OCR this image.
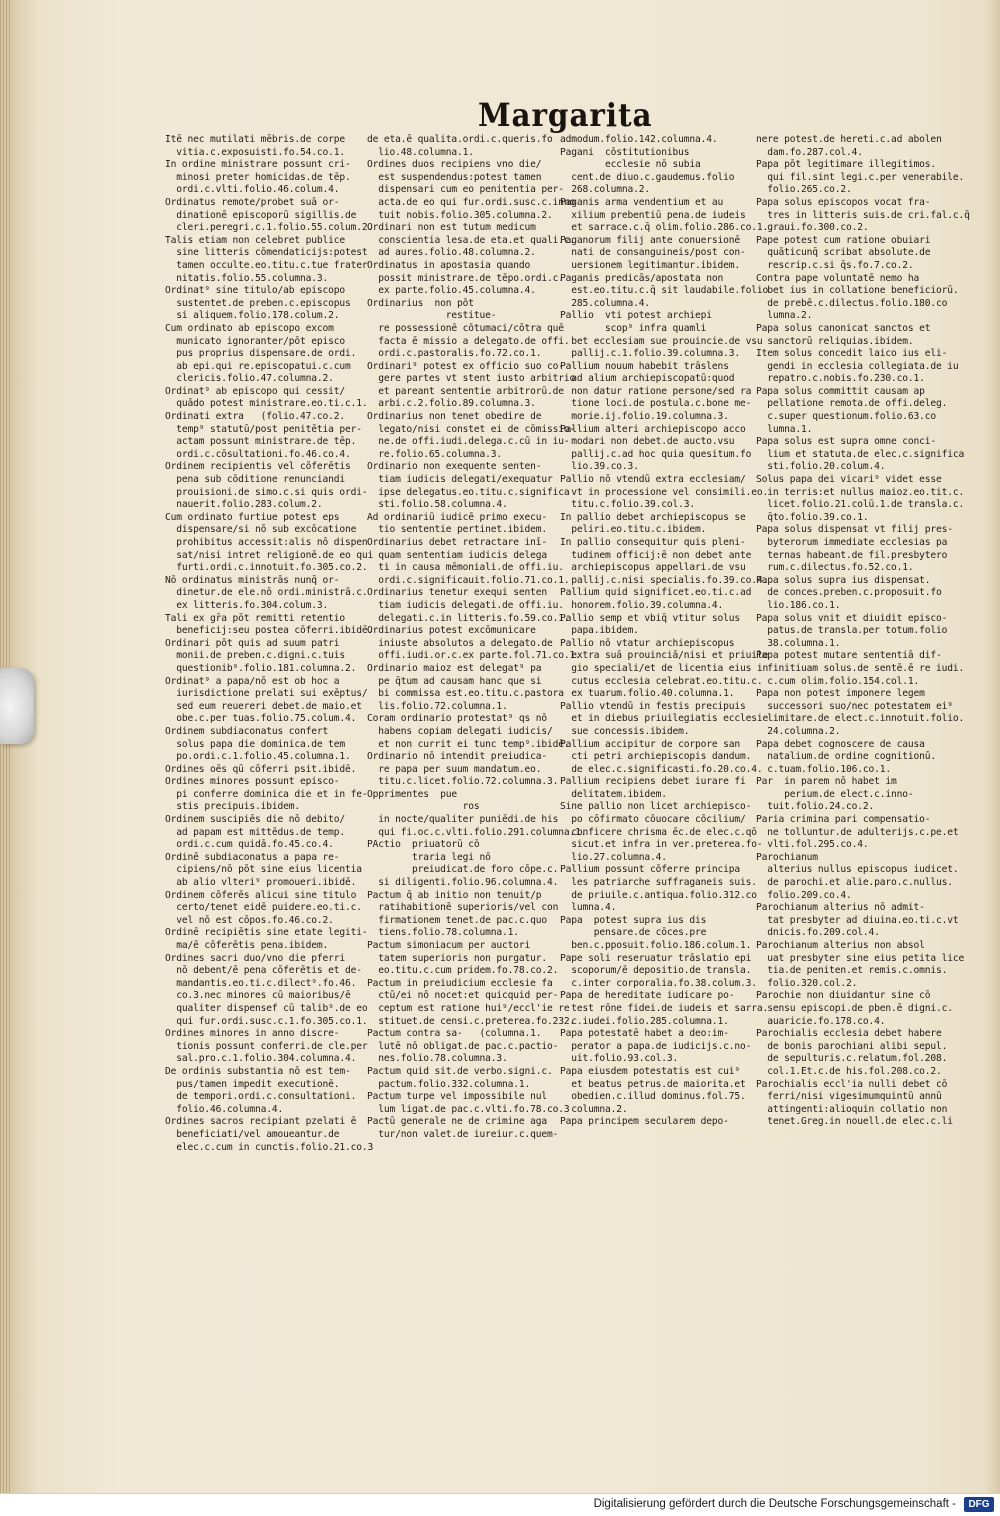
Margarita
Itē nec mutilati mēbris.de corpe
vitia.c.exposuisti.fo.54.co.1.
In ordine ministrare possunt cri-
minosi preter homicidas.de tēp.
ordi.c.vlti.folio.46.colum.4.
Ordinatus remote/probet suā or-
dinationē episcoporū sigillis.de
cleri.peregri.c.1.folio.55.colum.2.
Talis etiam non celebret publice
sine litteris cōmendaticijs:potest
tamen occulte.eo.titu.c.tue frater
nitatis.folio.55.columna.3.
Ordinat⁹ sine titulo/ab episcopo
sustentet.de preben.c.episcopus
si aliquem.folio.178.colum.2.
Cum ordinato ab episcopo excom
municato ignoranter/pōt episco
pus proprius dispensare.de ordi.
ab epi.qui re.episcopatui.c.cum
clericis.folio.47.columna.2.
Ordinat⁹ ab episcopo qui cessit/
quādo potest ministrare.eo.ti.c.1.
Ordinati extra   (folio.47.co.2.
temp⁹ statutū/post penitētia per-
actam possunt ministrare.de tēp.
ordi.c.cōsultationi.fo.46.co.4.
Ordinem recipientis vel cōferētis
pena sub cōditione renunciandi
prouisioni.de simo.c.si quis ordi-
nauerit.folio.283.colum.2.
Cum ordinato furtiue potest eps
dispensare/si nō sub excōcatione
prohibitus accessit:alis nō dispen
sat/nisi intret religionē.de eo qui
furti.ordi.c.innotuit.fo.305.co.2.
Nō ordinatus ministrās nunq̄ or-
dinetur.de ele.nō ordi.ministrā.c.
ex litteris.fo.304.colum.3.
Tali ex gr̄a pōt remitti retentio
beneficij:seu postea cōferri.ibidē.
Ordinari pōt quis ad suum patri
monii.de preben.c.digni.c.tuis
questionib⁹.folio.181.columna.2.
Ordinat⁹ a papa/nō est ob hoc a
iurisdictione prelati sui exēptus/
sed eum reuereri debet.de maio.et
obe.c.per tuas.folio.75.colum.4.
Ordinem subdiaconatus confert
solus papa die dominica.de tem
po.ordi.c.1.folio.45.columna.1.
Ordines oēs qū cōferri psit.ibidē.
Ordines minores possunt episco-
pi conferre dominica die et in fe-
stis precipuis.ibidem.
Ordinem suscipiēs die nō debito/
ad papam est mittēdus.de temp.
ordi.c.cum quidā.fo.45.co.4.
Ordinē subdiaconatus a papa re-
cipiens/nō pōt sine eius licentia
ab alio vlteri⁹ promoueri.ibidē.
Ordinem cōferēs alicui sine titulo
certo/tenet eidē puidere.eo.ti.c.
vel nō est cōpos.fo.46.co.2.
Ordinē recipiētis sine etate legiti-
ma/ē cōferētis pena.ibidem.
Ordines sacri duo/vno die pferri
nō debent/ē pena cōferētis et de-
mandantis.eo.ti.c.dilect⁹.fo.46.
co.3.nec minores cū maioribus/ē
qualiter dispensef cū talib⁹.de eo
qui fur.ordi.susc.c.1.fo.305.co.1.
Ordines minores in anno discre-
tionis possunt conferri.de cle.per
sal.pro.c.1.folio.304.columna.4.
De ordinis substantia nō est tem-
pus/tamen impedit executionē.
de tempori.ordi.c.consultationi.
folio.46.columna.4.
Ordines sacros recipiant pzelati ē
beneficiati/vel amoueantur.de
elec.c.cum in cunctis.folio.21.co.3
de eta.ē qualita.ordi.c.queris.fo
lio.48.columna.1.
Ordines duos recipiens vno die/
est suspendendus:potest tamen
dispensari cum eo penitentia per-
acta.de eo qui fur.ordi.susc.c.inno
tuit nobis.folio.305.columna.2.
Ordinari non est tutum medicum
conscientia lesa.de eta.et quali.c.
ad aures.folio.48.columna.2.
Ordinatus in apostasia quando
possit ministrare.de tēpo.ordi.c.
ex parte.folio.45.columna.4.
Ordinarius  non pōt
restitue-
re possessionē cōtumaci/cōtra quē
facta ē missio a delegato.de offi.
ordi.c.pastoralis.fo.72.co.1.
Ordinari⁹ potest ex officio suo co-
gere partes vt stent iusto arbitrio
et pareant sententie arbitrorū.de
arbi.c.2.folio.89.columna.3.
Ordinarius non tenet obedire de
legato/nisi constet ei de cōmissio-
ne.de offi.iudi.delega.c.cū in iu-
re.folio.65.columna.3.
Ordinario non exequente senten-
tiam iudicis delegati/exequatur
ipse delegatus.eo.titu.c.significa
sti.folio.58.columna.4.
Ad ordinariū iudicē primo execu-
tio sententie pertinet.ibidem.
Ordinarius debet retractare inī-
quam sententiam iudicis delega
ti in causa mēmoniali.de offi.iu.
ordi.c.significauit.folio.71.co.1.
Ordinarius tenetur exequi senten
tiam iudicis delegati.de offi.iu.
delegati.c.in litteris.fo.59.co.1.
Ordinarius potest excōmunicare
iniuste absolutos a delegato.de
offi.iudi.or.c.ex parte.fol.71.co.1.
Ordinario maioz est delegat⁹ pa
pe q̄tum ad causam hanc que si
bi commissa est.eo.titu.c.pastora
lis.folio.72.columna.1.
Coram ordinario protestat⁹ qs nō
habens copiam delegati iudicis/
et non currit ei tunc temp⁹.ibidē.
Ordinario nō intendit preiudica-
re papa per suum mandatum.eo.
titu.c.licet.folio.72.columna.3.
Opprimentes  pue
ros
in nocte/qualiter puniēdi.de his
qui fi.oc.c.vlti.folio.291.columna.1.
PActio  priuatorū cō
traria legi nō
preiudicat.de foro cōpe.c.
si diligenti.folio.96.columna.4.
Pactum q̄ ab initio non tenuit/p
ratihabitionē superioris/vel con
firmationem tenet.de pac.c.quo
tiens.folio.78.columna.1.
Pactum simoniacum per auctori
tatem superioris non purgatur.
eo.titu.c.cum pridem.fo.78.co.2.
Pactum in preiudicium ecclesie fa
ctū/ei nō nocet:et quicquid per-
ceptum est ratione hui⁹/eccl'ie re
stituet.de censi.c.preterea.fo.232.
Pactum contra sa-   (columna.1.
lutē nō obligat.de pac.c.pactio-
nes.folio.78.columna.3.
Pactum quid sit.de verbo.signi.c.
pactum.folio.332.columna.1.
Pactum turpe vel impossibile nul
lum ligat.de pac.c.vlti.fo.78.co.3
Pactū generale ne de crimine aga
tur/non valet.de iureiur.c.quem-
admodum.folio.142.columna.4.
Pagani  cōstitutionibus
ecclesie nō subia
cent.de diuo.c.gaudemus.folio
268.columna.2.
Paganis arma vendentium et au
xilium prebentiū pena.de iudeis
et sarrace.c.q̄ olim.folio.286.co.1.
Paganorum filij ante conuersionē
nati de consanguineis/post con-
uersionem legitimantur.ibidem.
Paganis predicās/apostata non
est.eo.titu.c.q̄ sit laudabile.folio
285.columna.4.
Pallio  vti potest archiepi
scop⁹ infra quamli
bet ecclesiam sue prouincie.de vsu
pallij.c.1.folio.39.columna.3.
Pallium nouum habebit trāslens
ad alium archiepiscopatū:quod
non datur ratione persone/sed ra
tione loci.de postula.c.bone me-
morie.ij.folio.19.columna.3.
Pallium alteri archiepiscopo acco
modari non debet.de aucto.vsu
pallij.c.ad hoc quia quesitum.fo
lio.39.co.3.
Pallio nō vtendū extra ecclesiam/
vt in processione vel consimili.eo.
titu.c.folio.39.col.3.
In pallio debet archiepiscopus se
peliri.eo.titu.c.ibidem.
In pallio consequitur quis pleni-
tudinem officij:ē non debet ante
archiepiscopus appellari.de vsu
pallij.c.nisi specialis.fo.39.co.4.
Pallium quid significet.eo.ti.c.ad
honorem.folio.39.columna.4.
Pallio semp et vbiq̄ vtitur solus
papa.ibidem.
Pallio nō vtatur archiepiscopus
extra suā prouinciā/nisi et priuile
gio speciali/et de licentia eius in
cutus ecclesia celebrat.eo.titu.c.
ex tuarum.folio.40.columna.1.
Pallio vtendū in festis precipuis
et in diebus priuilegiatis ecclesie
sue concessis.ibidem.
Pallium accipitur de corpore san
cti petri archiepiscopis dandum.
de elec.c.significasti.fo.20.co.4.
Pallium recipiens debet iurare fi
delitatem.ibidem.
Sine pallio non licet archiepisco-
po cōfirmato cōuocare cōcilium/
conficere chrisma ēc.de elec.c.qō
sicut.et infra in ver.preterea.fo-
lio.27.columna.4.
Pallium possunt cōferre principa
les patriarche suffraganeis suis.
de priuile.c.antiqua.folio.312.co
lumna.4.
Papa  potest supra ius dis
pensare.de cōces.pre
ben.c.pposuit.folio.186.colum.1.
Pape soli reseruatur trāslatio epi
scoporum/ē depositio.de transla.
c.inter corporalia.fo.38.colum.3.
Papa de hereditate iudicare po-
test rōne fidei.de iudeis et sarra.
c.iudei.folio.285.columna.1.
Papa potestatē habet a deo:im-
perator a papa.de iudicijs.c.no-
uit.folio.93.col.3.
Papa eiusdem potestatis est cui⁹
et beatus petrus.de maiorita.et
obedien.c.illud dominus.fol.75.
columna.2.
Papa principem secularem depo-
nere potest.de hereti.c.ad abolen
dam.fo.287.col.4.
Papa pōt legitimare illegitimos.
qui fil.sint legi.c.per venerabile.
folio.265.co.2.
Papa solus episcopos vocat fra-
tres in litteris suis.de cri.fal.c.q̄
graui.fo.300.co.2.
Pape potest cum ratione obuiari
quāticunq̄ scribat absolute.de
rescrip.c.si q̄s.fo.7.co.2.
Contra pape voluntatē nemo ha
bet ius in collatione beneficiorū.
de prebē.c.dilectus.folio.180.co
lumna.2.
Papa solus canonicat sanctos et
sanctorū reliquias.ibidem.
Item solus concedit laico ius eli-
gendi in ecclesia collegiata.de iu
repatro.c.nobis.fo.230.co.1.
Papa solus committit causam ap
pellatione remota.de offi.deleg.
c.super questionum.folio.63.co
lumna.1.
Papa solus est supra omne conci-
lium et statuta.de elec.c.significa
sti.folio.20.colum.4.
Solus papa dei vicari⁹ videt esse
in terris:et nullus maioz.eo.tit.c.
licet.folio.21.colū.1.de transla.c.
q̄to.folio.39.co.1.
Papa solus dispensat vt filij pres-
byterorum immediate ecclesias pa
ternas habeant.de fil.presbytero
rum.c.dilectus.fo.52.co.1.
Papa solus supra ius dispensat.
de conces.preben.c.proposuit.fo
lio.186.co.1.
Papa solus vnit et diuidit episco-
patus.de transla.per totum.folio
38.columna.1.
Papa potest mutare sententiā dif-
finitiuam solus.de sentē.ē re iudi.
c.cum olim.folio.154.col.1.
Papa non potest imponere legem
successori suo/nec potestatem ei⁹
limitare.de elect.c.innotuit.folio.
24.columna.2.
Papa debet cognoscere de causa
natalium.de ordine cognitionū.
c.tuam.folio.106.co.1.
Par  in parem nō habet im
perium.de elect.c.inno-
tuit.folio.24.co.2.
Paria crimina pari compensatio-
ne tolluntur.de adulterijs.c.pe.et
vlti.fol.295.co.4.
Parochianum
alterius nullus episcopus iudicet.
de parochi.et alie.paro.c.nullus.
folio.209.co.4.
Parochianum alterius nō admit-
tat presbyter ad diuina.eo.ti.c.vt
dnicis.fo.209.col.4.
Parochianum alterius non absol
uat presbyter sine eius petita lice
tia.de peniten.et remis.c.omnis.
folio.320.col.2.
Parochie non diuidantur sine cō
sensu episcopi.de pben.ē digni.c.
auaricie.fo.178.co.4.
Parochialis ecclesia debet habere
de bonis parochiani alibi sepul.
de sepulturis.c.relatum.fol.208.
col.1.Et.c.de his.fol.208.co.2.
Parochialis eccl'ia nulli debet cō
ferri/nisi vigesimumquintū annū
attingenti:alioquin collatio non
tenet.Greg.in nouell.de elec.c.li
Digitalisierung gefördert durch die Deutsche Forschungsgemeinschaft -	DFG
